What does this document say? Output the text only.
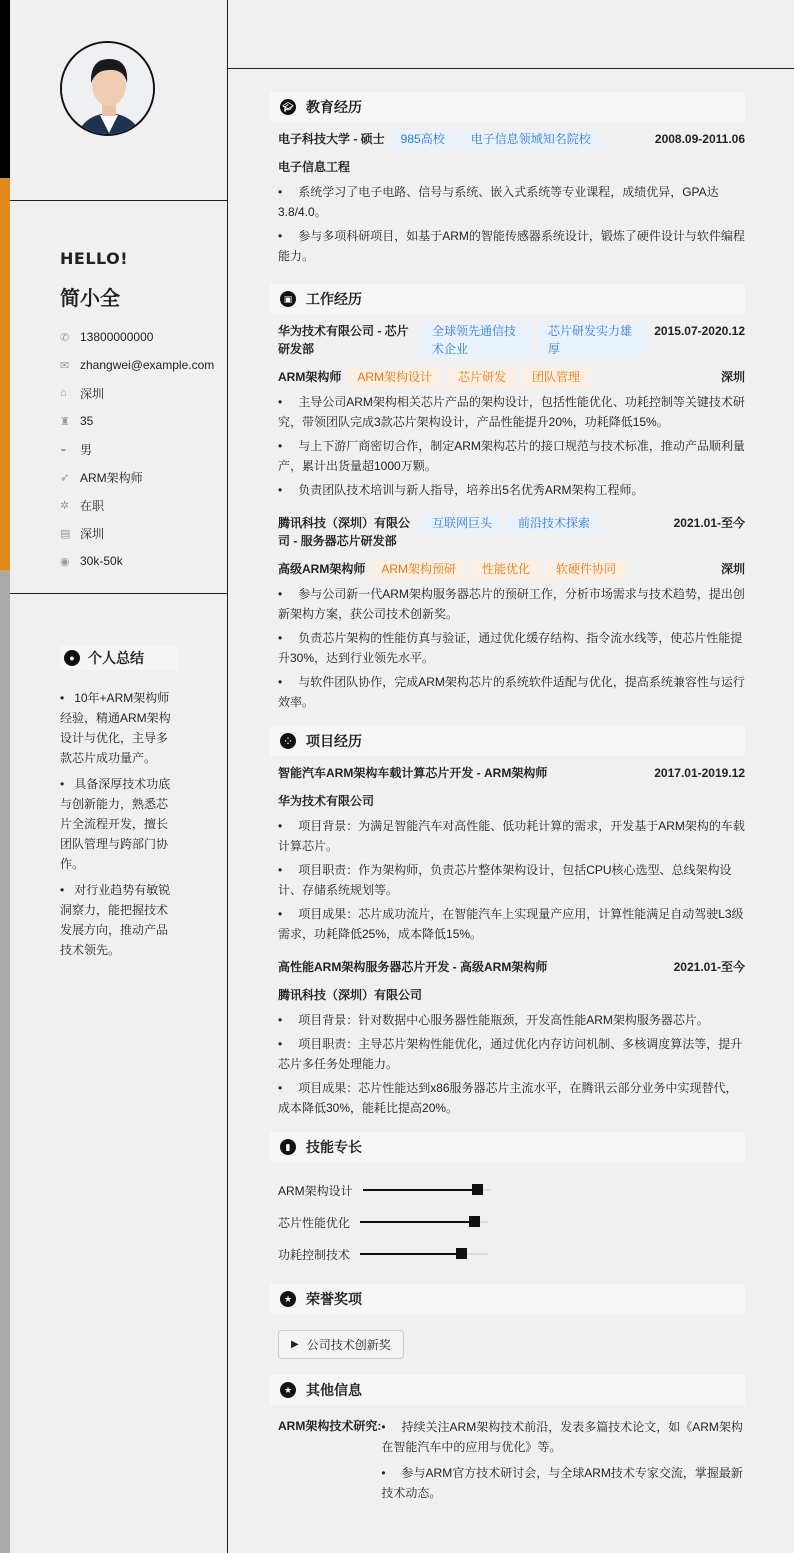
HELLO!
简小全
✆ 13800000000
✉ zhangwei@example.com
⌂	深圳
♜ 35
◒	男
➶ ARM架构师
✲ 在职
▤ 深圳
◉ 30k-50k
● 个人总结
• 10年+ARM架构师经验，精通ARM架构设计与优化，主导多款芯片成功量产。
• 具备深厚技术功底与创新能力，熟悉芯片全流程开发，擅长团队管理与跨部门协作。
• 对行业趋势有敏锐洞察力，能把握技术发展方向，推动产品技术领先。
🎓︎ 教育经历
电子科技大学 - 硕士	985高校	电子信息领域知名院校	2008.09-2011.06
电子信息工程
• 系统学习了电子电路、信号与系统、嵌入式系统等专业课程，成绩优异，GPA达3.8/4.0。
• 参与多项科研项目，如基于ARM的智能传感器系统设计，锻炼了硬件设计与软件编程能力。
▣ 工作经历
华为技术有限公司 - 芯片研发部
全球领先通信技术企业
芯片研发实力雄厚
2015.07-2020.12
ARM架构师	ARM架构设计	芯片研发	团队管理	深圳
• 主导公司ARM架构相关芯片产品的架构设计，包括性能优化、功耗控制等关键技术研究，带领团队完成3款芯片架构设计，产品性能提升20%，功耗降低15%。
• 与上下游厂商密切合作，制定ARM架构芯片的接口规范与技术标准，推动产品顺利量产，累计出货量超1000万颗。
• 负责团队技术培训与新人指导，培养出5名优秀ARM架构工程师。
腾讯科技（深圳）有限公司 - 服务器芯片研发部
互联网巨头	前沿技术探索	2021.01-至今
高级ARM架构师	ARM架构预研	性能优化	软硬件协同	深圳
• 参与公司新一代ARM架构服务器芯片的预研工作，分析市场需求与技术趋势，提出创新架构方案，获公司技术创新奖。
• 负责芯片架构的性能仿真与验证，通过优化缓存结构、指令流水线等，使芯片性能提升30%，达到行业领先水平。
• 与软件团队协作，完成ARM架构芯片的系统软件适配与优化，提高系统兼容性与运行效率。
⁘	项目经历
智能汽车ARM架构车载计算芯片开发 - ARM架构师	2017.01-2019.12
华为技术有限公司
• 项目背景：为满足智能汽车对高性能、低功耗计算的需求，开发基于ARM架构的车载计算芯片。
• 项目职责：作为架构师，负责芯片整体架构设计，包括CPU核心选型、总线架构设计、存储系统规划等。
• 项目成果：芯片成功流片，在智能汽车上实现量产应用，计算性能满足自动驾驶L3级需求，功耗降低25%，成本降低15%。
高性能ARM架构服务器芯片开发 - 高级ARM架构师	2021.01-至今
腾讯科技（深圳）有限公司
• 项目背景：针对数据中心服务器性能瓶颈，开发高性能ARM架构服务器芯片。
• 项目职责：主导芯片架构性能优化，通过优化内存访问机制、多核调度算法等，提升芯片多任务处理能力。
• 项目成果：芯片性能达到x86服务器芯片主流水平，在腾讯云部分业务中实现替代，成本降低30%，能耗比提高20%。
▮	技能专长
ARM架构设计
芯片性能优化
功耗控制技术
★ 荣誉奖项
▶ 公司技术创新奖
★ 其他信息
ARM架构技术研究:	• 持续关注ARM架构技术前沿，发表多篇技术论文，如《ARM架构在智能汽车中的应用与优化》等。
• 参与ARM官方技术研讨会，与全球ARM技术专家交流，掌握最新技术动态。
